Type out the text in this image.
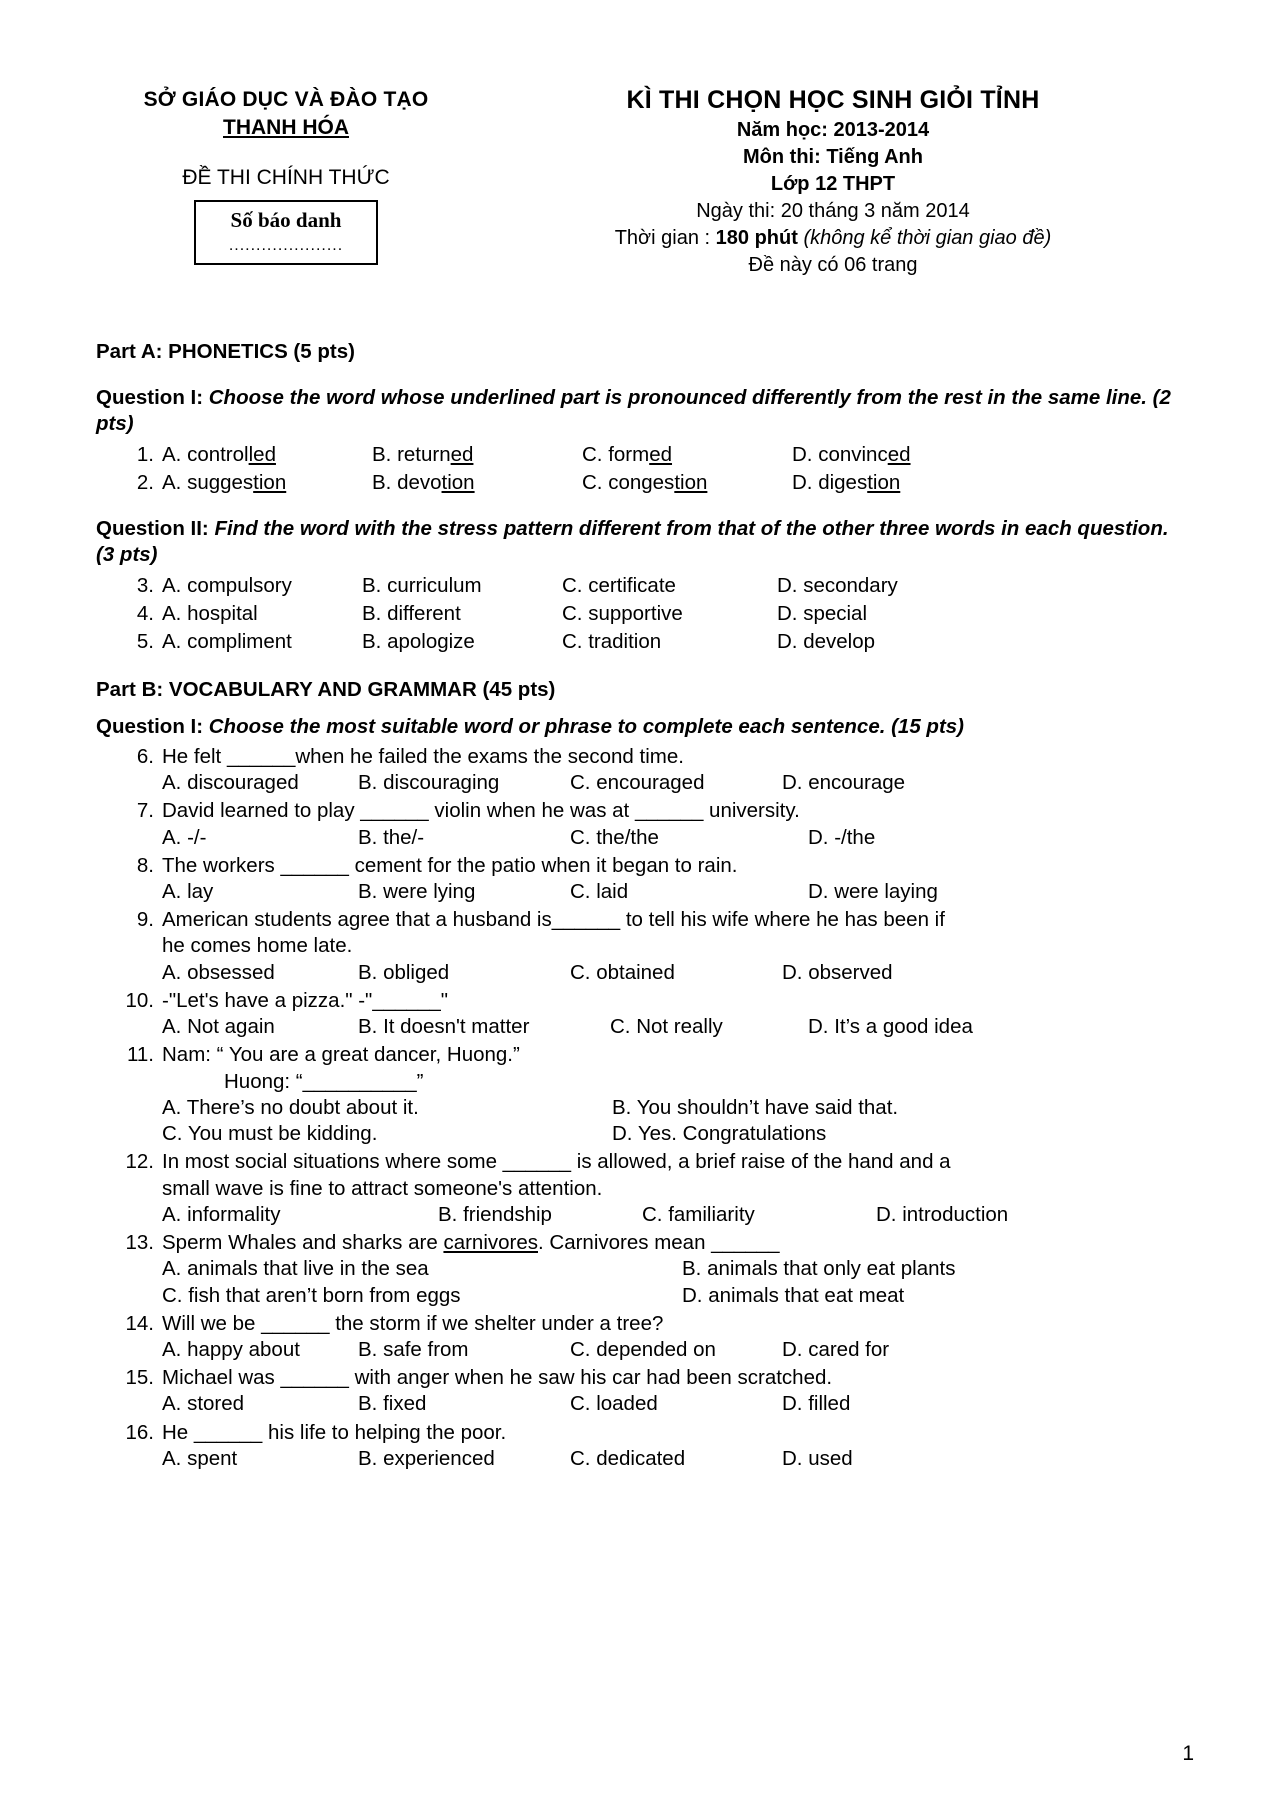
SỞ GIÁO DỤC VÀ ĐÀO TẠO
THANH HÓA
ĐỀ THI CHÍNH THỨC
Số báo danh
.....................
KÌ THI CHỌN HỌC SINH GIỎI TỈNH
Năm học: 2013-2014
Môn thi: Tiếng Anh
Lớp 12 THPT
Ngày thi: 20 tháng 3 năm 2014
Thời gian : 180 phút (không kể thời gian giao đề)
Đề này có 06 trang
Part A: PHONETICS (5 pts)
Question I: Choose the word whose underlined part is pronounced differently from the rest in the same line. (2 pts)
1. A. controlled	B. returned	C. formed	D. convinced
2. A. suggestion	B. devotion	C. congestion	D. digestion
Question II: Find the word with the stress pattern different from that of the other three words in each question. (3 pts)
3. A. compulsory	B. curriculum	C. certificate	D. secondary
4. A. hospital	B. different	C. supportive	D. special
5. A. compliment	B. apologize	C. tradition	D. develop
Part B: VOCABULARY AND GRAMMAR (45 pts)
Question I: Choose the most suitable word or phrase to complete each sentence. (15 pts)
6. He felt ______when he failed the exams the second time.
A. discouraged	B. discouraging	C. encouraged	D. encourage
7. David learned to play ______ violin when he was at ______ university.
A. -/-	B. the/-	C. the/the	D. -/the
8. The workers ______ cement for the patio when it began to rain.
A. lay	B. were lying	C. laid	D. were laying
9. American students agree that a husband is______ to tell his wife where he has been if
he comes home late.
A. obsessed	B. obliged	C. obtained	D. observed
10. -"Let's have a pizza." -"______"
A. Not again	B. It doesn't matter	C. Not really	D. It’s a good idea
11. Nam: “ You are a great dancer, Huong.”
Huong: “__________”
A. There’s no doubt about it.	B. You shouldn’t have said that.
C. You must be kidding.	D. Yes. Congratulations
12. In most social situations where some ______ is allowed, a brief raise of the hand and a
small wave is fine to attract someone's attention.
A. informality	B. friendship	C. familiarity	D. introduction
13. Sperm Whales and sharks are carnivores. Carnivores mean ______
A. animals that live in the sea	B. animals that only eat plants
C. fish that aren’t born from eggs	D. animals that eat meat
14. Will we be ______ the storm if we shelter under a tree?
A. happy about	B. safe from	C. depended on	D. cared for
15. Michael was ______ with anger when he saw his car had been scratched.
A. stored	B. fixed	C. loaded	D. filled
16. He ______ his life to helping the poor.
A. spent	B. experienced	C. dedicated	D. used
1
